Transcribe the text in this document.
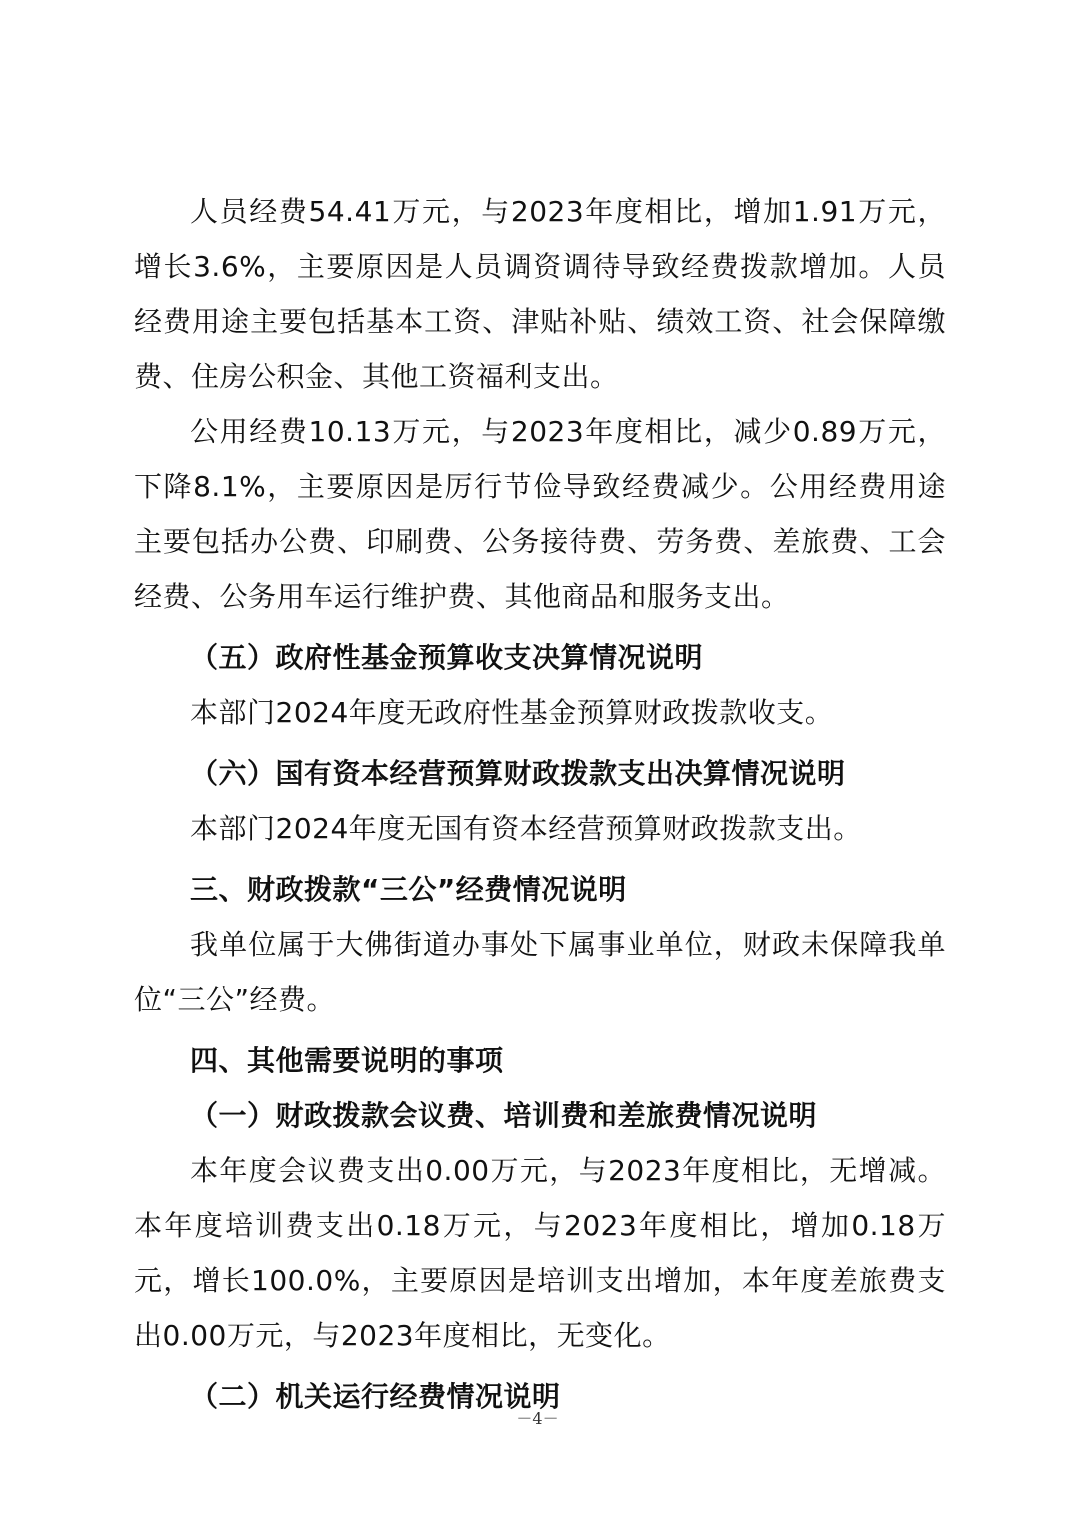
人员经费54.41万元，与2023年度相比，增加1.91万元，增长3.6%，主要原因是人员调资调待导致经费拨款增加。人员经费用途主要包括基本工资、津贴补贴、绩效工资、社会保障缴费、住房公积金、其他工资福利支出。

公用经费10.13万元，与2023年度相比，减少0.89万元，下降8.1%，主要原因是厉行节俭导致经费减少。公用经费用途主要包括办公费、印刷费、公务接待费、劳务费、差旅费、工会经费、公务用车运行维护费、其他商品和服务支出。

（五）政府性基金预算收支决算情况说明

本部门2024年度无政府性基金预算财政拨款收支。

（六）国有资本经营预算财政拨款支出决算情况说明

本部门2024年度无国有资本经营预算财政拨款支出。

三、财政拨款“三公”经费情况说明

我单位属于大佛街道办事处下属事业单位，财政未保障我单位“三公”经费。

四、其他需要说明的事项

（一）财政拨款会议费、培训费和差旅费情况说明

本年度会议费支出0.00万元，与2023年度相比，无增减。本年度培训费支出0.18万元，与2023年度相比，增加0.18万元，增长100.0%，主要原因是培训支出增加，本年度差旅费支出0.00万元，与2023年度相比，无变化。

（二）机关运行经费情况说明

－4－
